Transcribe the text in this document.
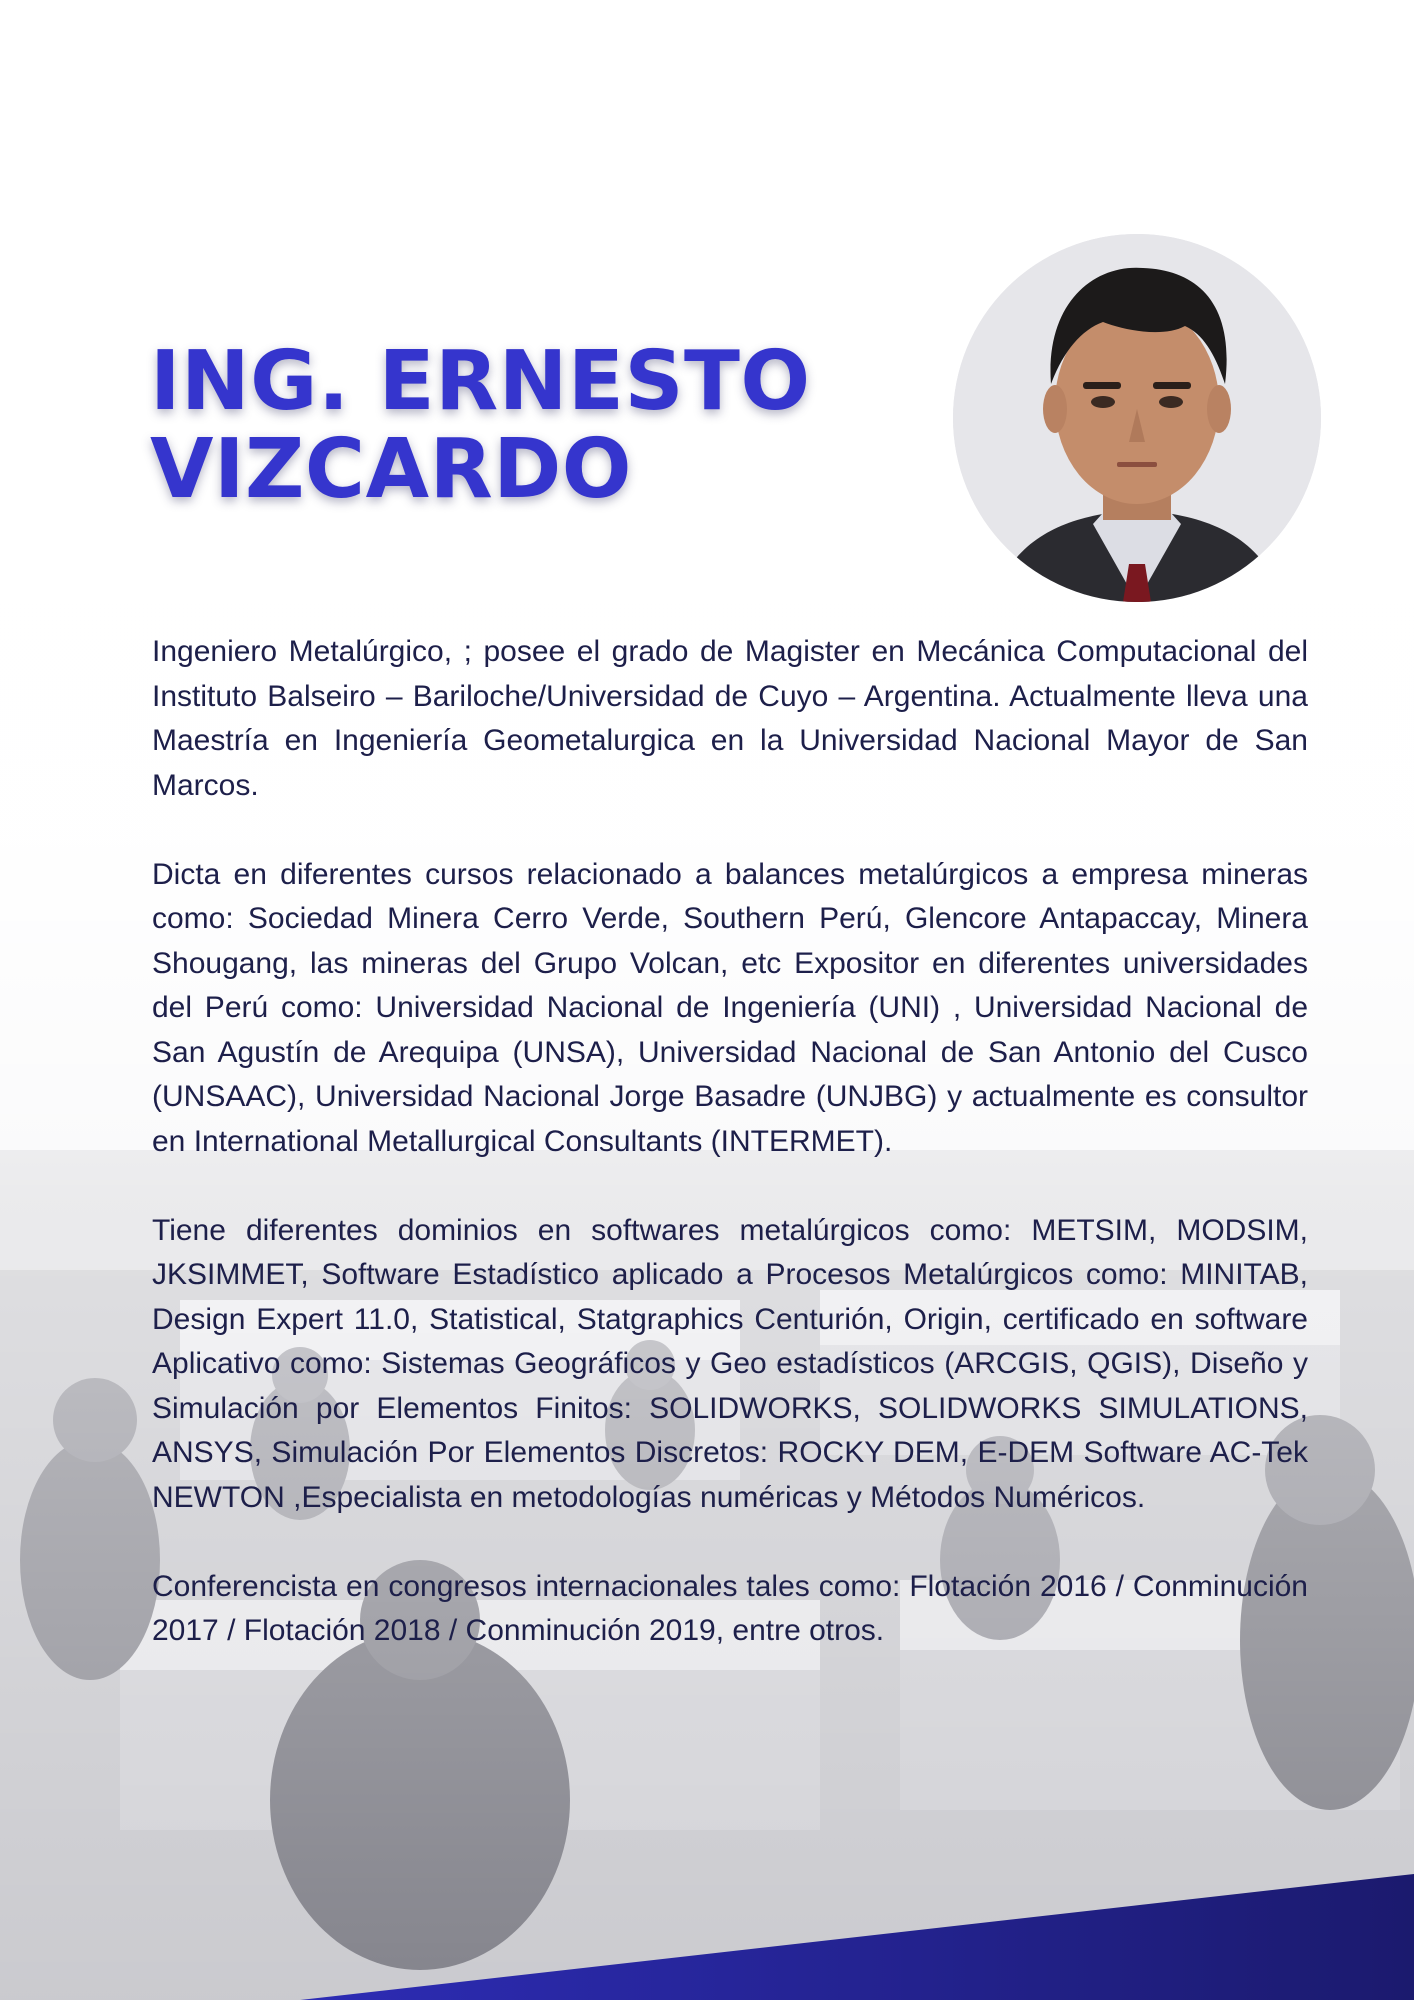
ING. ERNESTO
VIZCARDO

Ingeniero Metalúrgico, ; posee el grado de Magister en Mecánica Computacional del Instituto Balseiro – Bariloche/Universidad de Cuyo – Argentina. Actualmente lleva una Maestría en Ingeniería Geometalurgica en la Universidad Nacional Mayor de San Marcos.

Dicta en diferentes cursos relacionado a balances metalúrgicos a empresa mineras como: Sociedad Minera Cerro Verde, Southern Perú, Glencore Antapaccay, Minera Shougang, las mineras del Grupo Volcan, etc Expositor en diferentes universidades del Perú como: Universidad Nacional de Ingeniería (UNI) , Universidad Nacional de San Agustín de Arequipa (UNSA), Universidad Nacional de San Antonio del Cusco (UNSAAC), Universidad Nacional Jorge Basadre (UNJBG) y actualmente es consultor en International Metallurgical Consultants (INTERMET).

Tiene diferentes dominios en softwares metalúrgicos como: METSIM, MODSIM, JKSIMMET, Software Estadístico aplicado a Procesos Metalúrgicos como: MINITAB, Design Expert 11.0, Statistical, Statgraphics Centurión, Origin, certificado en software Aplicativo como: Sistemas Geográficos y Geo estadísticos (ARCGIS, QGIS), Diseño y Simulación por Elementos Finitos: SOLIDWORKS, SOLIDWORKS SIMULATIONS, ANSYS, Simulación Por Elementos Discretos: ROCKY DEM, E-DEM Software AC-Tek NEWTON ,Especialista en metodologías numéricas y Métodos Numéricos.

Conferencista en congresos internacionales tales como: Flotación 2016 / Conminución 2017 / Flotación 2018 / Conminución 2019, entre otros.
